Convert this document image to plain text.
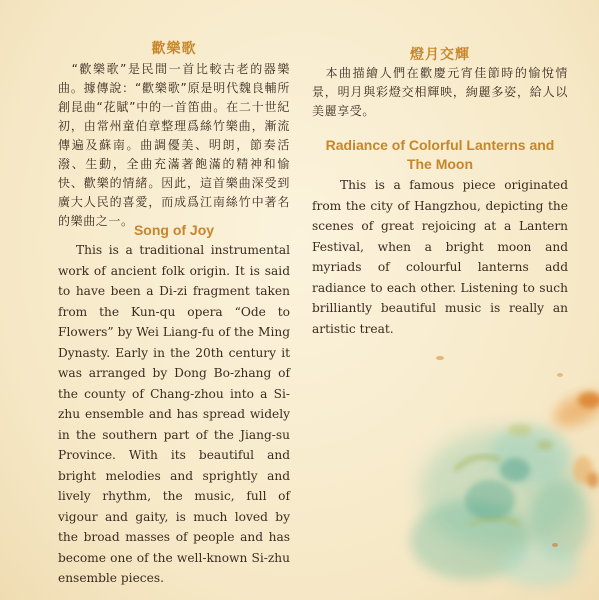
歡樂歌
　“歡樂歌”是民間一首比較古老的器樂曲。據傳說：“歡樂歌”原是明代魏良輔所創昆曲“花賦”中的一首笛曲。在二十世紀初，由常州童伯章整理爲絲竹樂曲，漸流傳遍及蘇南。曲調優美、明朗，節奏活潑、生動，全曲充滿著飽滿的精神和愉快、歡樂的情緒。因此，這首樂曲深受到廣大人民的喜愛，而成爲江南絲竹中著名的樂曲之一。
Song of Joy
This is a traditional instrumental work of ancient folk origin. It is said to have been a Di-zi fragment taken from the Kun-qu opera “Ode to Flowers” by Wei Liang-fu of the Ming Dynasty. Early in the 20th century it was arranged by Dong Bo-zhang of the county of Chang-zhou into a Si-zhu ensemble and has spread widely in the southern part of the Jiang-su Province. With its beautiful and bright melodies and sprightly and lively rhythm, the music, full of vigour and gaity, is much loved by the broad masses of people and has become one of the well-known Si-zhu ensemble pieces.
燈月交輝
　本曲描繪人們在歡慶元宵佳節時的愉悅情景，明月與彩燈交相輝映，絢麗多姿，給人以美麗享受。
Radiance of Colorful Lanterns and The Moon
This is a famous piece originated from the city of Hangzhou, depicting the scenes of great rejoicing at a Lantern Festival, when a bright moon and myriads of colourful lanterns add radiance to each other. Listening to such brilliantly beautiful music is really an artistic treat.
